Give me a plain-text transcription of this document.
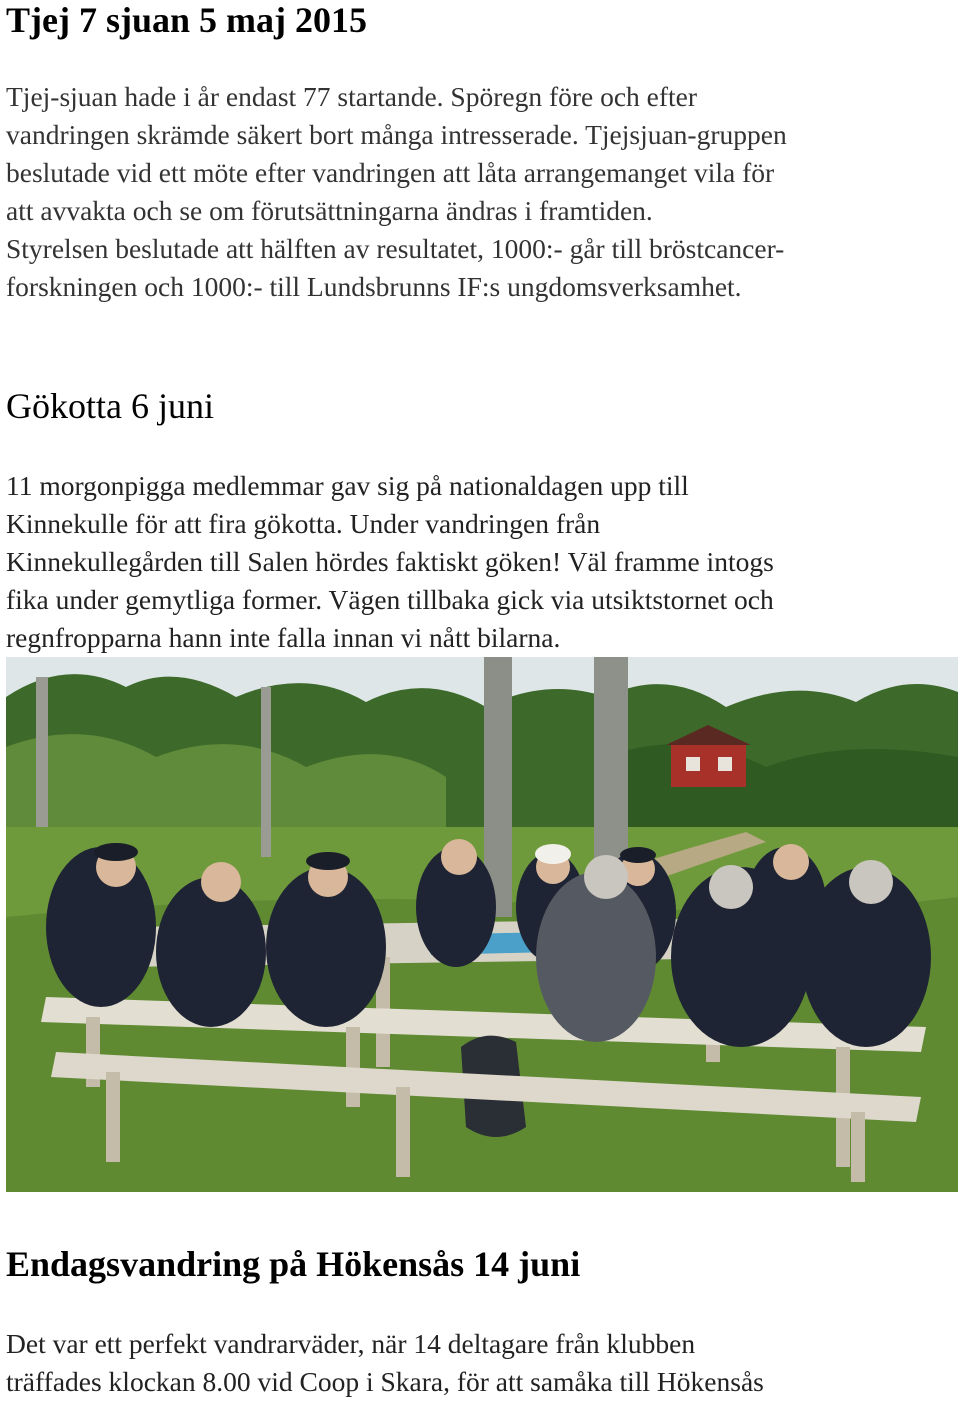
Tjej 7 sjuan 5 maj 2015

Tjej-sjuan hade i år endast 77 startande. Spöregn före och efter
vandringen skrämde säkert bort många intresserade. Tjejsjuan-gruppen
beslutade vid ett möte efter vandringen att låta arrangemanget vila för
att avvakta och se om förutsättningarna ändras i framtiden.
Styrelsen beslutade att hälften av resultatet, 1000:- går till bröstcancer-
forskningen och 1000:- till Lundsbrunns IF:s ungdomsverksamhet.

Gökotta 6 juni

11 morgonpigga medlemmar gav sig på nationaldagen upp till
Kinnekulle för att fira gökotta. Under vandringen från
Kinnekullegården till Salen hördes faktiskt göken! Väl framme intogs
fika under gemytliga former. Vägen tillbaka gick via utsiktstornet och
regnfropparna hann inte falla innan vi nått bilarna.

Endagsvandring på Hökensås 14 juni

Det var ett perfekt vandrarväder, när 14 deltagare från klubben
träffades klockan 8.00 vid Coop i Skara, för att samåka till Hökensås
